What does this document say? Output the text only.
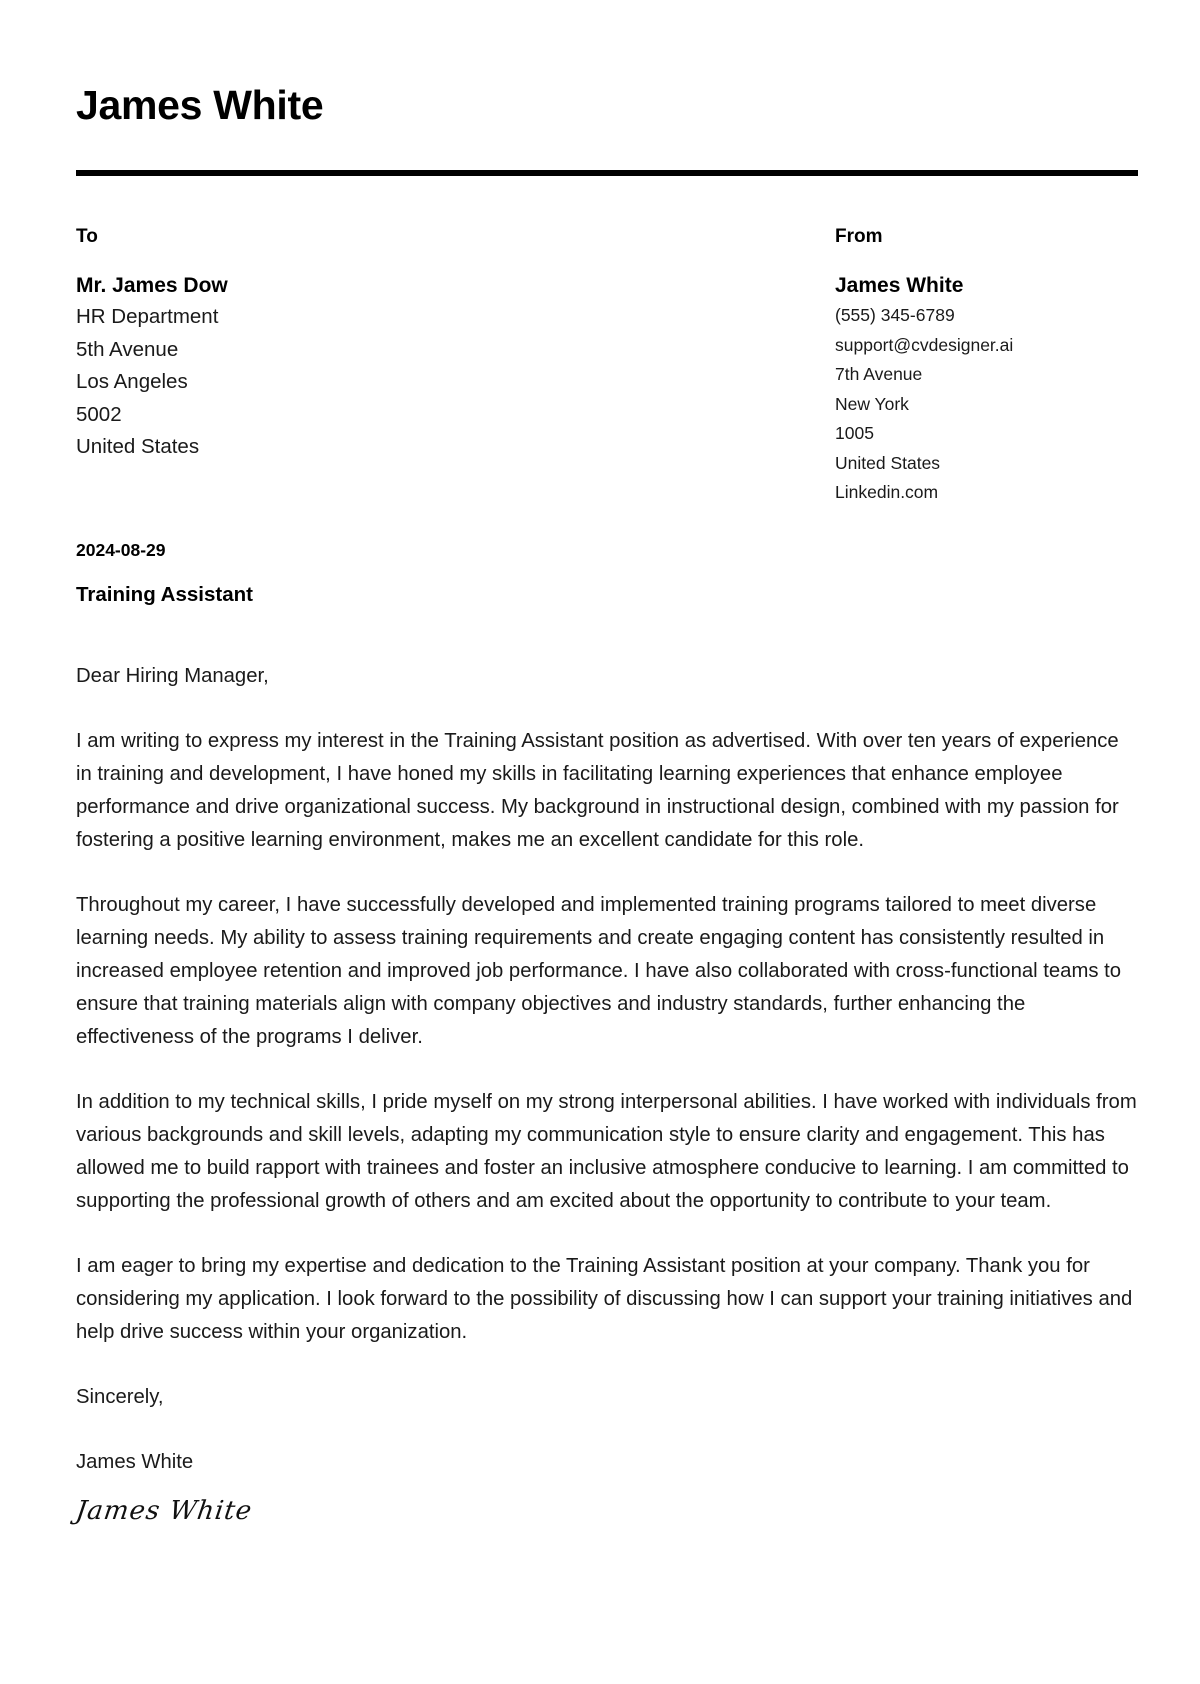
James White
To
Mr. James Dow
HR Department
5th Avenue
Los Angeles
5002
United States
From
James White
(555) 345-6789
support@cvdesigner.ai
7th Avenue
New York
1005
United States
Linkedin.com
2024-08-29
Training Assistant

Dear Hiring Manager,

I am writing to express my interest in the Training Assistant position as advertised. With over ten years of experience in training and development, I have honed my skills in facilitating learning experiences that enhance employee performance and drive organizational success. My background in instructional design, combined with my passion for fostering a positive learning environment, makes me an excellent candidate for this role.

Throughout my career, I have successfully developed and implemented training programs tailored to meet diverse learning needs. My ability to assess training requirements and create engaging content has consistently resulted in increased employee retention and improved job performance. I have also collaborated with cross-functional teams to ensure that training materials align with company objectives and industry standards, further enhancing the effectiveness of the programs I deliver.

In addition to my technical skills, I pride myself on my strong interpersonal abilities. I have worked with individuals from various backgrounds and skill levels, adapting my communication style to ensure clarity and engagement. This has allowed me to build rapport with trainees and foster an inclusive atmosphere conducive to learning. I am committed to supporting the professional growth of others and am excited about the opportunity to contribute to your team.

I am eager to bring my expertise and dedication to the Training Assistant position at your company. Thank you for considering my application. I look forward to the possibility of discussing how I can support your training initiatives and help drive success within your organization.

Sincerely,

James White

James White
